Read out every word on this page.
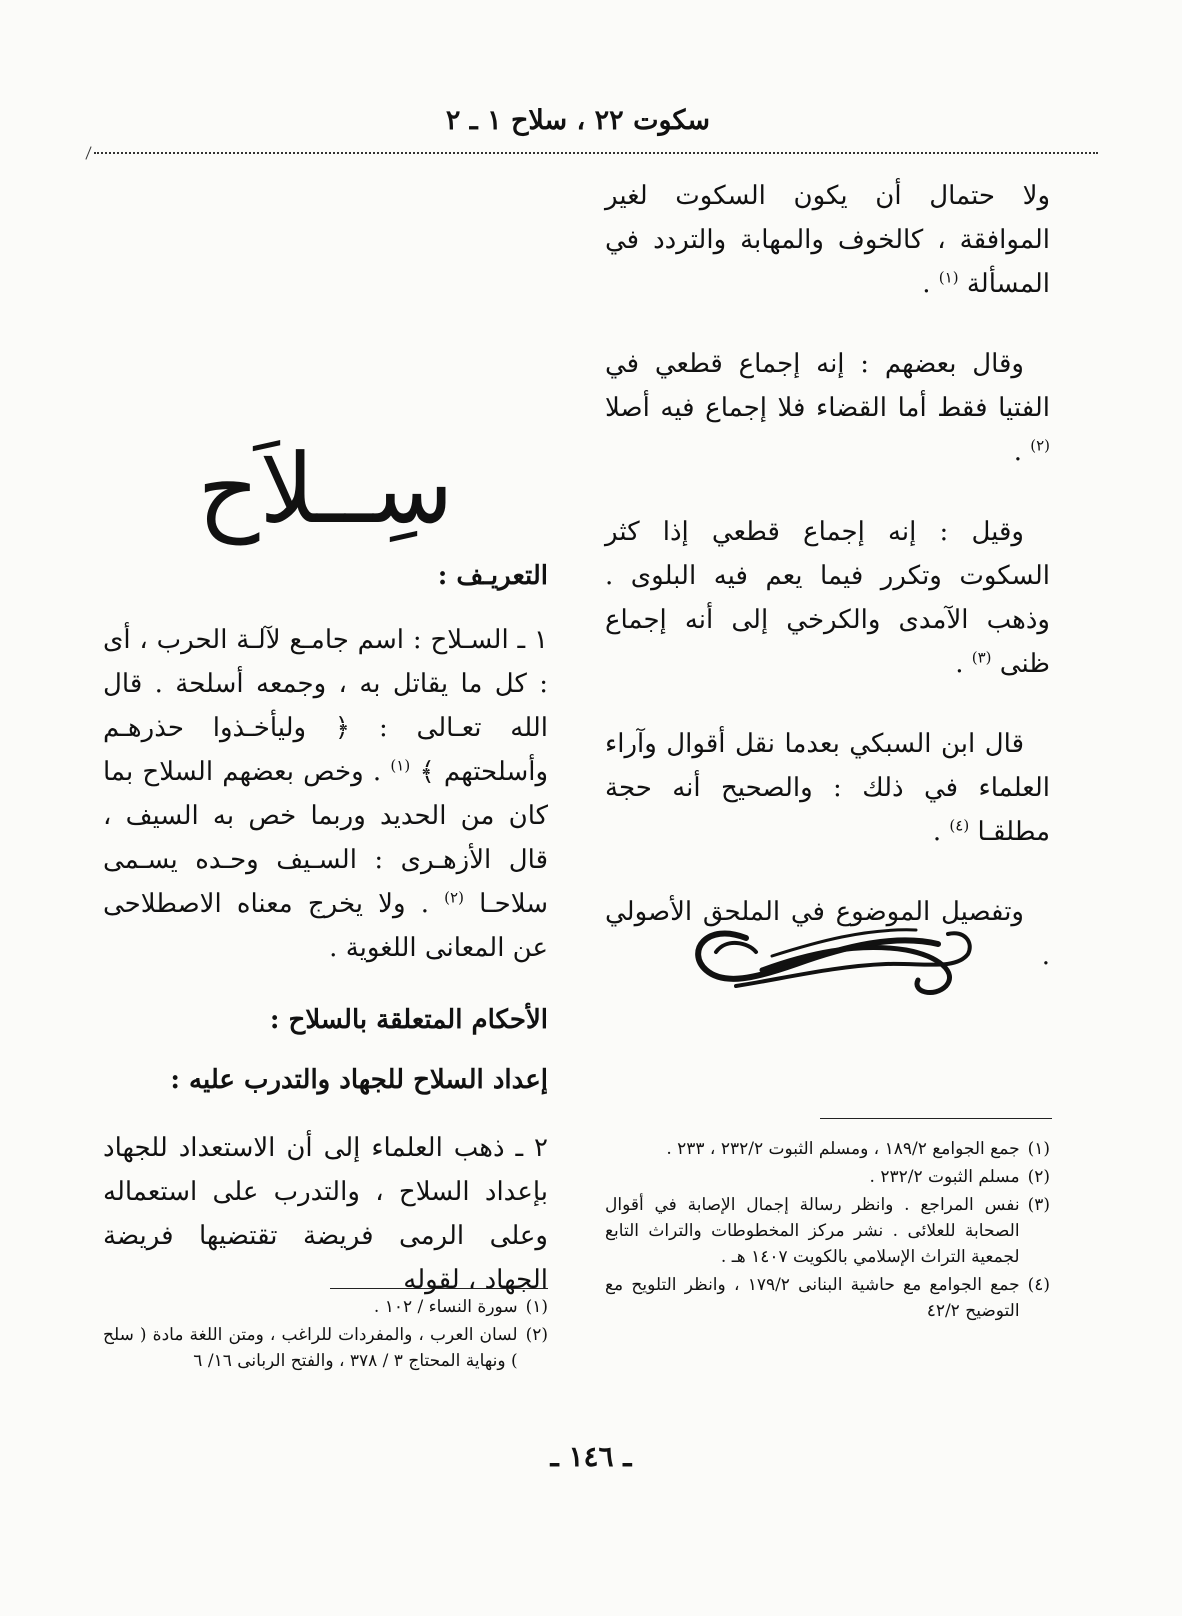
سكوت ٢٢ ، سلاح ١ ـ ٢

ولا حتمال أن يكون السكوت لغير الموافقة ، كالخوف والمهابة والتردد في المسألة $^{(١)}$ .

وقال بعضهم : إنه إجماع قطعي في الفتيا فقط أما القضاء فلا إجماع فيه أصلا $^{(٢)}$ .

وقيل : إنه إجماع قطعي إذا كثر السكوت وتكرر فيما يعم فيه البلوى . وذهب الآمدى والكرخي إلى أنه إجماع ظنى $^{(٣)}$ .

قال ابن السبكي بعدما نقل أقوال وآراء العلماء في ذلك : والصحيح أنه حجة مطلقـا $^{(٤)}$ .

وتفصيل الموضوع في الملحق الأصولي .

سِــلاَح

التعريـف :

١ ـ السـلاح : اسم جامـع لآلـة الحرب ، أى : كل ما يقاتل به ، وجمعه أسلحة . قال الله تعـالى : ﴿ وليأخـذوا حذرهـم وأسلحتهم ﴾ $^{(١)}$ . وخص بعضهم السلاح بما كان من الحديد وربما خص به السيف ، قال الأزهـرى : السـيف وحـده يسـمى سلاحـا $^{(٢)}$ . ولا يخرج معناه الاصطلاحى عن المعانى اللغوية .

الأحكام المتعلقة بالسلاح :

إعداد السلاح للجهاد والتدرب عليه :

٢ ـ ذهب العلماء إلى أن الاستعداد للجهاد بإعداد السلاح ، والتدرب على استعماله وعلى الرمى فريضة تقتضيها فريضة الجهاد ، لقوله

(١)
جمع الجوامع ١٨٩/٢ ، ومسلم الثبوت ٢٣٢/٢ ، ٢٣٣ .
(٢)
مسلم الثبوت ٢٣٢/٢ .
(٣)
نفس المراجع . وانظر رسالة إجمال الإصابة في أقوال الصحابة للعلائى . نشر مركز المخطوطات والتراث التابع لجمعية التراث الإسلامي بالكويت ١٤٠٧ هـ .
(٤)
جمع الجوامع مع حاشية البنانى ١٧٩/٢ ، وانظر التلويح مع التوضيح ٤٢/٢
(١)
سورة النساء / ١٠٢ .
(٢)
لسان العرب ، والمفردات للراغب ، ومتن اللغة مادة ( سلح ) ونهاية المحتاج ٣ / ٣٧٨ ، والفتح الربانى ١٦/ ٦
ـ ١٤٦ ـ
